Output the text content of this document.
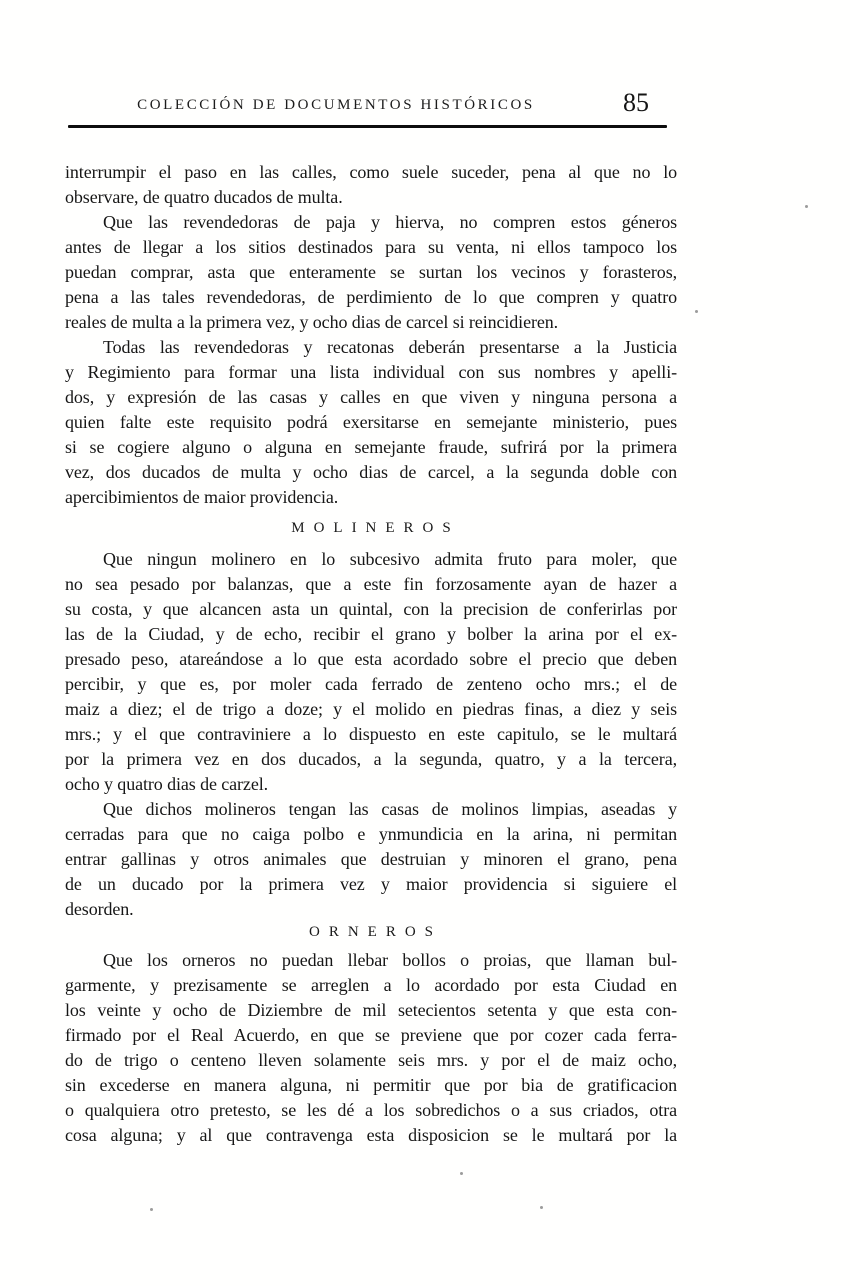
COLECCIÓN DE DOCUMENTOS HISTÓRICOS	85
interrumpir el paso en las calles, como suele suceder, pena al que no lo
observare, de quatro ducados de multa.
Que las revendedoras de paja y hierva, no compren estos géneros
antes de llegar a los sitios destinados para su venta, ni ellos tampoco los
puedan comprar, asta que enteramente se surtan los vecinos y forasteros,
pena a las tales revendedoras, de perdimiento de lo que compren y quatro
reales de multa a la primera vez, y ocho dias de carcel si reincidieren.
Todas las revendedoras y recatonas deberán presentarse a la Justicia
y Regimiento para formar una lista individual con sus nombres y apelli-
dos, y expresión de las casas y calles en que viven y ninguna persona a
quien falte este requisito podrá exersitarse en semejante ministerio, pues
si se cogiere alguno o alguna en semejante fraude, sufrirá por la primera
vez, dos ducados de multa y ocho dias de carcel, a la segunda doble con
apercibimientos de maior providencia.
MOLINEROS
Que ningun molinero en lo subcesivo admita fruto para moler, que
no sea pesado por balanzas, que a este fin forzosamente ayan de hazer a
su costa, y que alcancen asta un quintal, con la precision de conferirlas por
las de la Ciudad, y de echo, recibir el grano y bolber la arina por el ex-
presado peso, atareándose a lo que esta acordado sobre el precio que deben
percibir, y que es, por moler cada ferrado de zenteno ocho mrs.; el de
maiz a diez; el de trigo a doze; y el molido en piedras finas, a diez y seis
mrs.; y el que contraviniere a lo dispuesto en este capitulo, se le multará
por la primera vez en dos ducados, a la segunda, quatro, y a la tercera,
ocho y quatro dias de carzel.
Que dichos molineros tengan las casas de molinos limpias, aseadas y
cerradas para que no caiga polbo e ynmundicia en la arina, ni permitan
entrar gallinas y otros animales que destruian y minoren el grano, pena
de un ducado por la primera vez y maior providencia si siguiere el
desorden.
ORNEROS
Que los orneros no puedan llebar bollos o proias, que llaman bul-
garmente, y prezisamente se arreglen a lo acordado por esta Ciudad en
los veinte y ocho de Diziembre de mil setecientos setenta y que esta con-
firmado por el Real Acuerdo, en que se previene que por cozer cada ferra-
do de trigo o centeno lleven solamente seis mrs. y por el de maiz ocho,
sin excederse en manera alguna, ni permitir que por bia de gratificacion
o qualquiera otro pretesto, se les dé a los sobredichos o a sus criados, otra
cosa alguna; y al que contravenga esta disposicion se le multará por la
